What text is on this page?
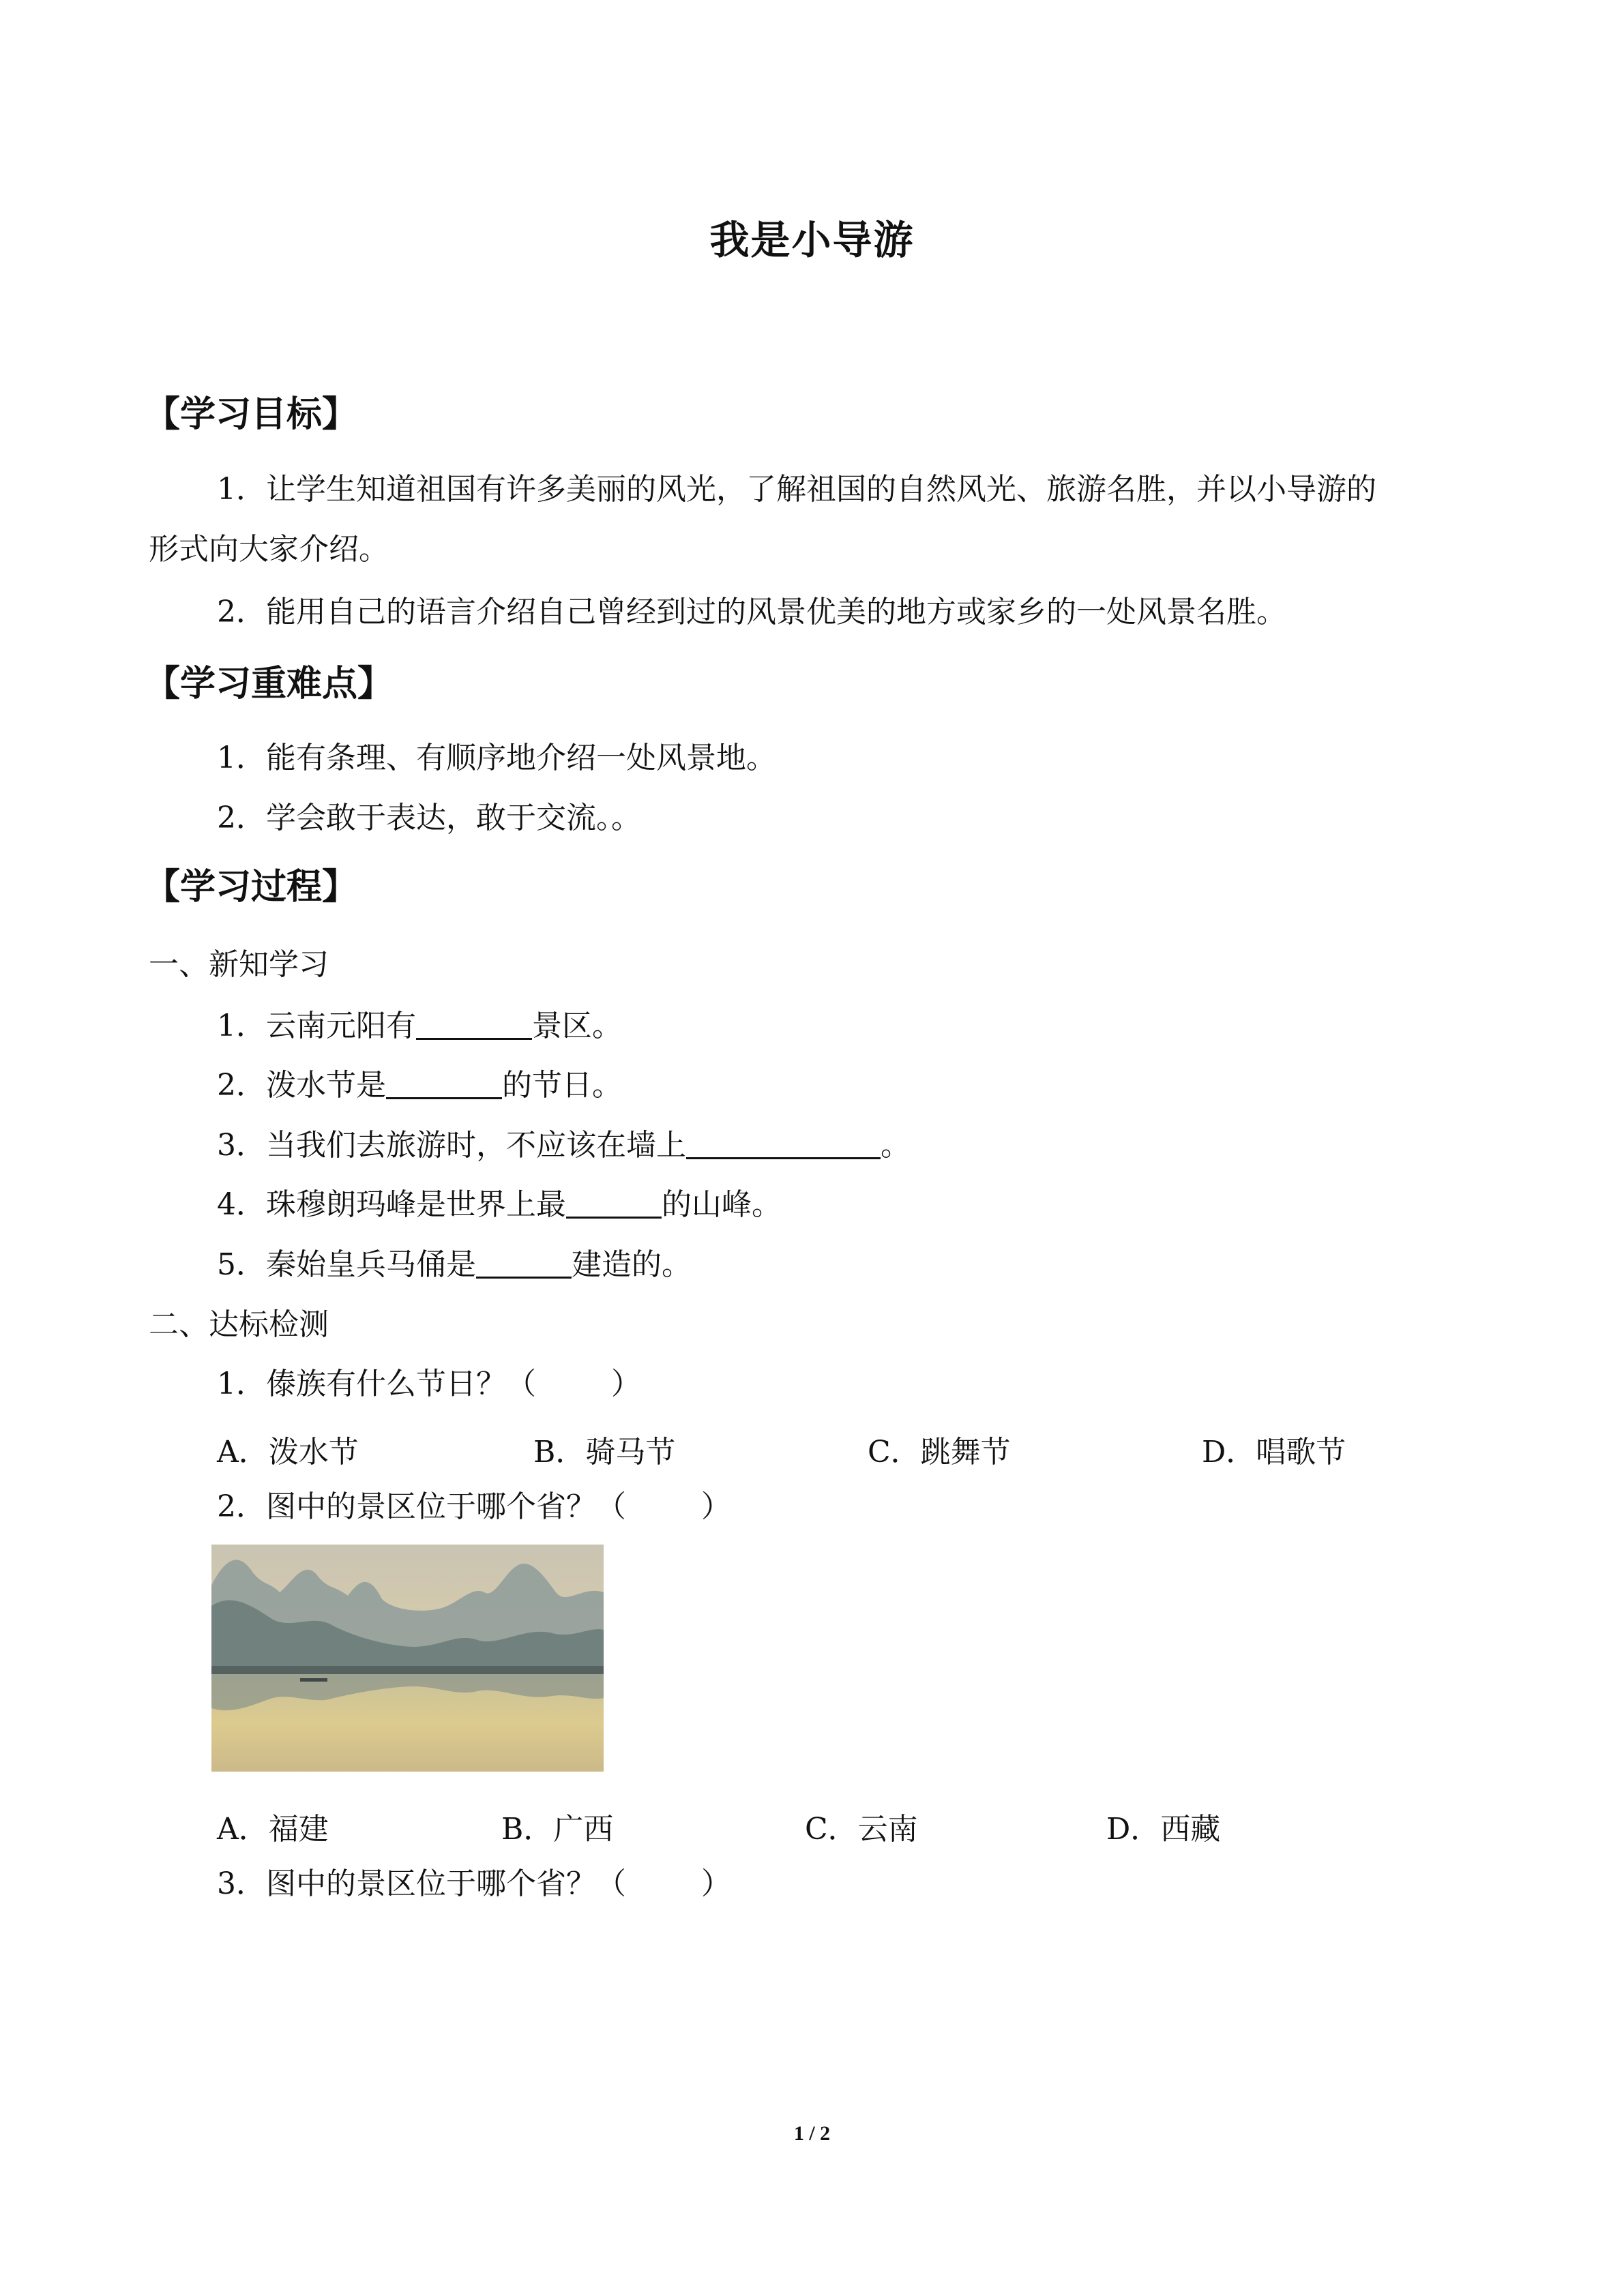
我是小导游
【学习目标】
1．让学生知道祖国有许多美丽的风光，了解祖国的自然风光、旅游名胜，并以小导游的
形式向大家介绍。
2．能用自己的语言介绍自己曾经到过的风景优美的地方或家乡的一处风景名胜。
【学习重难点】
1．能有条理、有顺序地介绍一处风景地。
2．学会敢于表达，敢于交流。。
【学习过程】
一、新知学习
1．云南元阳有	景区。
2．泼水节是	的节日。
3．当我们去旅游时，不应该在墙上	。
4．珠穆朗玛峰是世界上最	的山峰。
5．秦始皇兵马俑是	建造的。
二、达标检测
1．傣族有什么节日？（	）
A．泼水节	B．骑马节	C．跳舞节	D．唱歌节
2．图中的景区位于哪个省？（	）
A．福建	B．广西	C．云南	D．西藏
3．图中的景区位于哪个省？（	）
1 / 2
